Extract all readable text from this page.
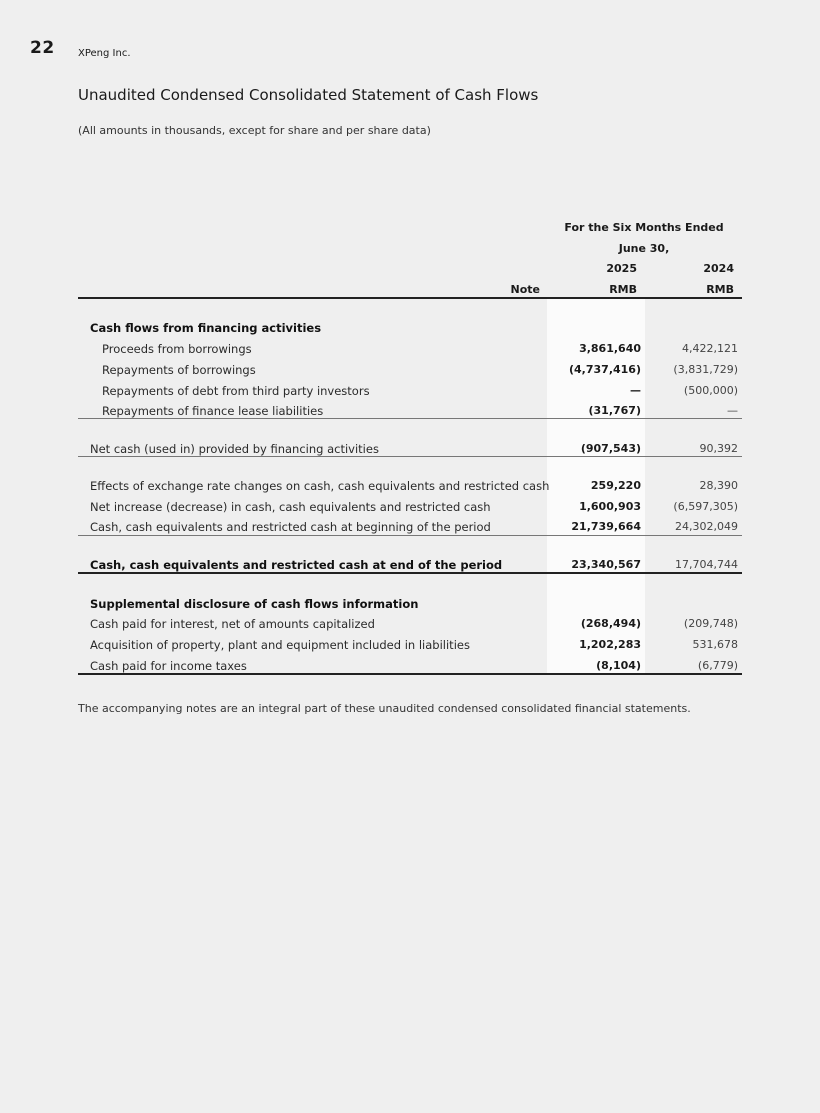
22 XPeng Inc.
Unaudited Condensed Consolidated Statement of Cash Flows
(All amounts in thousands, except for share and per share data)
For the Six Months Ended
June 30,
2025	2024
Note	RMB	RMB
Cash flows from financing activities
Proceeds from borrowings	3,861,640	4,422,121
Repayments of borrowings	(4,737,416)	(3,831,729)
Repayments of debt from third party investors	—	(500,000)
Repayments of finance lease liabilities	(31,767)	—
Net cash (used in) provided by financing activities	(907,543)	90,392
Effects of exchange rate changes on cash, cash equivalents and restricted cash	259,220	28,390
Net increase (decrease) in cash, cash equivalents and restricted cash	1,600,903	(6,597,305)
Cash, cash equivalents and restricted cash at beginning of the period	21,739,664	24,302,049
Cash, cash equivalents and restricted cash at end of the period	23,340,567	17,704,744
Supplemental disclosure of cash flows information
Cash paid for interest, net of amounts capitalized	(268,494)	(209,748)
Acquisition of property, plant and equipment included in liabilities	1,202,283	531,678
Cash paid for income taxes	(8,104)	(6,779)
The accompanying notes are an integral part of these unaudited condensed consolidated financial statements.
